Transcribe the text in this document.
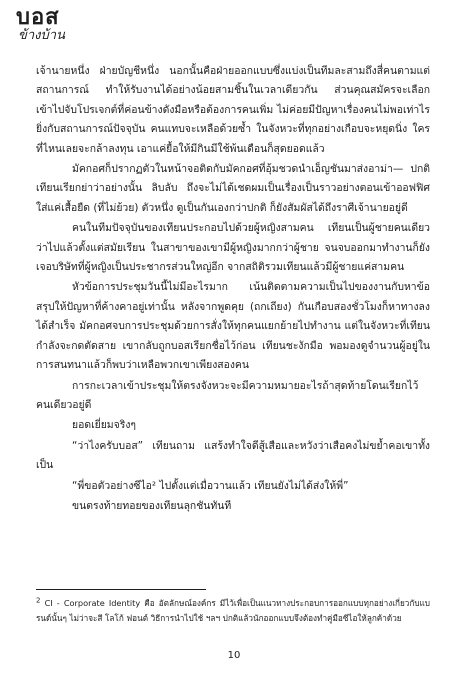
บอส
ข้างบ้าน

เจ้านายหนึ่ง ฝ่ายบัญชีหนึ่ง นอกนั้นคือฝ่ายออกแบบซึ่งแบ่งเป็นทีมละสามถึงสี่คนตามแต่สถานการณ์ ทำให้รับงานได้อย่างน้อยสามชิ้นในเวลาเดียวกัน ส่วนคุณสมัครจะเลือกเข้าไปจับโปรเจกต์ที่ค่อนข้างดังมือหรือต้องการคนเพิ่ม ไม่ค่อยมีปัญหาเรื่องคนไม่พอเท่าไร ยิ่งกับสถานการณ์ปัจจุบัน คนแทบจะเหลือด้วยซ้ำ ในจังหวะที่ทุกอย่างเกือบจะหยุดนิ่ง ใครที่ไหนเลยจะกล้าลงทุน เอาแค่ยื้อให้มีกินมีใช้พ้นเดือนก็สุดยอดแล้ว

มัคกอศก็ปรากฏตัวในหน้าจอติดกับมัคกอศที่อุ้มชวดนำเอ็ญชันมาส่งอาม่า— ปกติเทียนเรียกย่าว่าอย่างนั้น ลิบลับ ถึงจะไม่ได้เชดผมเป็นเรื่องเป็นราวอย่างตอนเข้าออฟฟิศ ใส่แค่เสื้อยืด (ที่ไม่ย้วย) ตัวหนึ่ง ดูเป็นกันเองกว่าปกติ ก็ยังสัมผัสได้ถึงราศีเจ้านายอยู่ดี

คนในทีมปัจจุบันของเทียนประกอบไปด้วยผู้หญิงสามคน เทียนเป็นผู้ชายคนเดียว ว่าไปแล้วตั้งแต่สมัยเรียน ในสาขาของเขามีผู้หญิงมากกว่าผู้ชาย จนจบออกมาทำงานก็ยังเจอบริษัทที่ผู้หญิงเป็นประชากรส่วนใหญ่อีก จากสถิติรวมเทียนแล้วมีผู้ชายแค่สามคน

หัวข้อการประชุมวันนี้ไม่มีอะไรมาก เน้นติดตามความเป็นไปของงานกับหาข้อสรุปให้ปัญหาที่ค้างคาอยู่เท่านั้น หลังจากพูดคุย (ถกเถียง) กันเกือบสองชั่วโมงก็หาทางลงได้สำเร็จ มัคกอศจบการประชุมด้วยการสั่งให้ทุกคนแยกย้ายไปทำงาน แต่ในจังหวะที่เทียนกำลังจะกดตัดสาย เขากลับถูกบอสเรียกชื่อไว้ก่อน เทียนชะงักมือ พอมองดูจำนวนผู้อยู่ในการสนทนาแล้วก็พบว่าเหลือพวกเขาเพียงสองคน

การกะเวลาเข้าประชุมให้ตรงจังหวะจะมีความหมายอะไรถ้าสุดท้ายโดนเรียกไว้คนเดียวอยู่ดี

ยอดเยี่ยมจริงๆ

“ว่าไงครับบอส” เทียนถาม แสร้งทำใจดีสู้เสือและหวังว่าเสือคงไม่ขย้ำคอเขาทั้งเป็น

“พี่ขอตัวอย่างซีไอ² ไปตั้งแต่เมื่อวานแล้ว เทียนยังไม่ได้ส่งให้พี่”

ขนตรงท้ายทอยของเทียนลุกชันทันที

$^2$ CI - Corporate Identity คือ อัตลักษณ์องค์กร มีไว้เพื่อเป็นแนวทางประกอบการออกแบบทุกอย่างเกี่ยวกับแบรนด์นั้นๆ ไม่ว่าจะสี โลโก้ ฟอนต์ วิธีการนำไปใช้ ฯลฯ ปกติแล้วนักออกแบบจึงต้องทำคู่มือซีไอให้ลูกค้าด้วย
10
